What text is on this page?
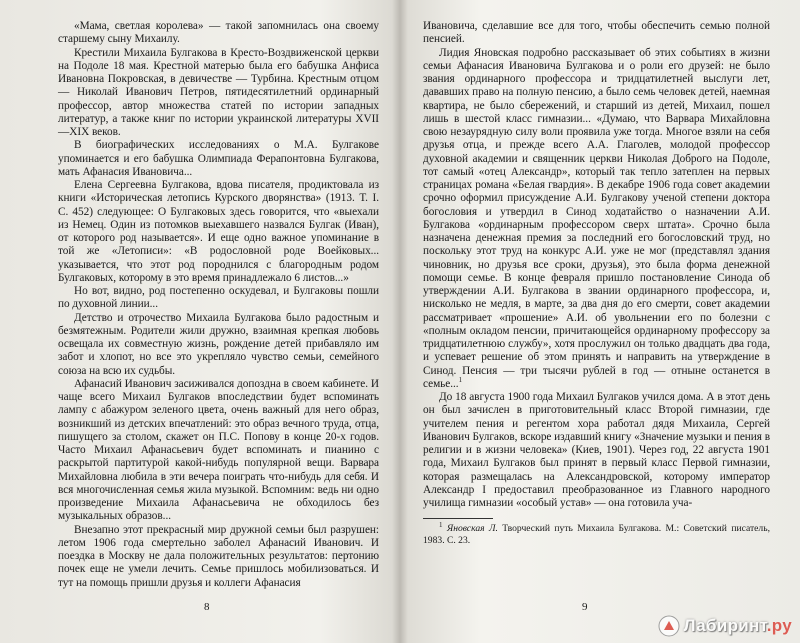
«Мама, светлая королева» — такой запомнилась она своему старшему сыну Михаилу.

Крестили Михаила Булгакова в Кресто-Воздвиженской церкви на Подоле 18 мая. Крестной матерью была его бабушка Анфиса Ивановна Покровская, в девичестве — Турбина. Крестным отцом — Николай Иванович Петров, пятидесятилетний ординарный профессор, автор множества статей по истории западных литератур, а также книг по истории украинской литературы XVII—XIX веков.

В биографических исследованиях о М.А. Булгакове упоминается и его бабушка Олимпиада Ферапонтовна Булгакова, мать Афанасия Ивановича...

Елена Сергеевна Булгакова, вдова писателя, продиктовала из книги «Историческая летопись Курского дворянства» (1913. Т. I. С. 452) следующее: О Булгаковых здесь говорится, что «выехали из Немец. Один из потомков выехавшего назвался Булгак (Иван), от которого род называется». И еще одно важное упоминание в той же «Летописи»: «В родословной роде Воейковых... указывается, что этот род породнился с благородным родом Булгаковых, которому в это время принадлежало 6 листов...»

Но вот, видно, род постепенно оскудевал, и Булгаковы пошли по духовной линии...

Детство и отрочество Михаила Булгакова было радостным и безмятежным. Родители жили дружно, взаимная крепкая любовь освещала их совместную жизнь, рождение детей прибавляло им забот и хлопот, но все это укрепляло чувство семьи, семейного союза на всю их судьбы.

Афанасий Иванович засиживался допоздна в своем кабинете. И чаще всего Михаил Булгаков впоследствии будет вспоминать лампу с абажуром зеленого цвета, очень важный для него образ, возникший из детских впечатлений: это образ вечного труда, отца, пишущего за столом, скажет он П.С. Попову в конце 20-х годов. Часто Михаил Афанасьевич будет вспоминать и пианино с раскрытой партитурой какой-нибудь популярной вещи. Варвара Михайловна любила в эти вечера поиграть что-нибудь для себя. И вся многочисленная семья жила музыкой. Вспомним: ведь ни одно произведение Михаила Афанасьевича не обходилось без музыкальных образов...

Внезапно этот прекрасный мир дружной семьи был разрушен: летом 1906 года смертельно заболел Афанасий Иванович. И поездка в Москву не дала положительных результатов: пертонию почек еще не умели лечить. Семье пришлось мобилизоваться. И тут на помощь пришли друзья и коллеги Афанасия

8

Ивановича, сделавшие все для того, чтобы обеспечить семью полной пенсией.

Лидия Яновская подробно рассказывает об этих событиях в жизни семьи Афанасия Ивановича Булгакова и о роли его друзей: не было звания ординарного профессора и тридцатилетней выслуги лет, дававших право на полную пенсию, а было семь человек детей, наемная квартира, не было сбережений, и старший из детей, Михаил, пошел лишь в шестой класс гимназии... «Думаю, что Варвара Михайловна свою незаурядную силу воли проявила уже тогда. Многое взяли на себя друзья отца, и прежде всего А.А. Глаголев, молодой профессор духовной академии и священник церкви Николая Доброго на Подоле, тот самый «отец Александр», который так тепло затеплен на первых страницах романа «Белая гвардия». В декабре 1906 года совет академии срочно оформил присуждение А.И. Булгакову ученой степени доктора богословия и утвердил в Синод ходатайство о назначении А.И. Булгакова «ординарным профессором сверх штата». Срочно была назначена денежная премия за последний его богословский труд, но поскольку этот труд на конкурс А.И. уже не мог (представлял здания чиновник, но друзья все сроки, друзья), это была форма денежной помощи семье. В конце февраля пришло постановление Синода об утверждении А.И. Булгакова в звании ординарного профессора, и, нисколько не медля, в марте, за два дня до его смерти, совет академии рассматривает «прошение» А.И. об увольнении его по болезни с «полным окладом пенсии, причитающейся ординарному профессору за тридцатилетнюю службу», хотя прослужил он только двадцать два года, и успевает решение об этом принять и направить на утверждение в Синод. Пенсия — три тысячи рублей в год — отныне останется в семье...$^1$

До 18 августа 1900 года Михаил Булгаков учился дома. А в этот день он был зачислен в приготовительный класс Второй гимназии, где учителем пения и регентом хора работал дядя Михаила, Сергей Иванович Булгаков, вскоре издавший книгу «Значение музыки и пения в религии и в жизни человека» (Киев, 1901). Через год, 22 августа 1901 года, Михаил Булгаков был принят в первый класс Первой гимназии, которая размещалась на Александровской, которому император Александр I предоставил преобразованное из Главного народного училища гимназии «особый устав» — она готовила уча-

$^1$ Яновская Л. Творческий путь Михаила Булгакова. М.: Советский писатель, 1983. С. 23.

9
Лабиринт.ру
